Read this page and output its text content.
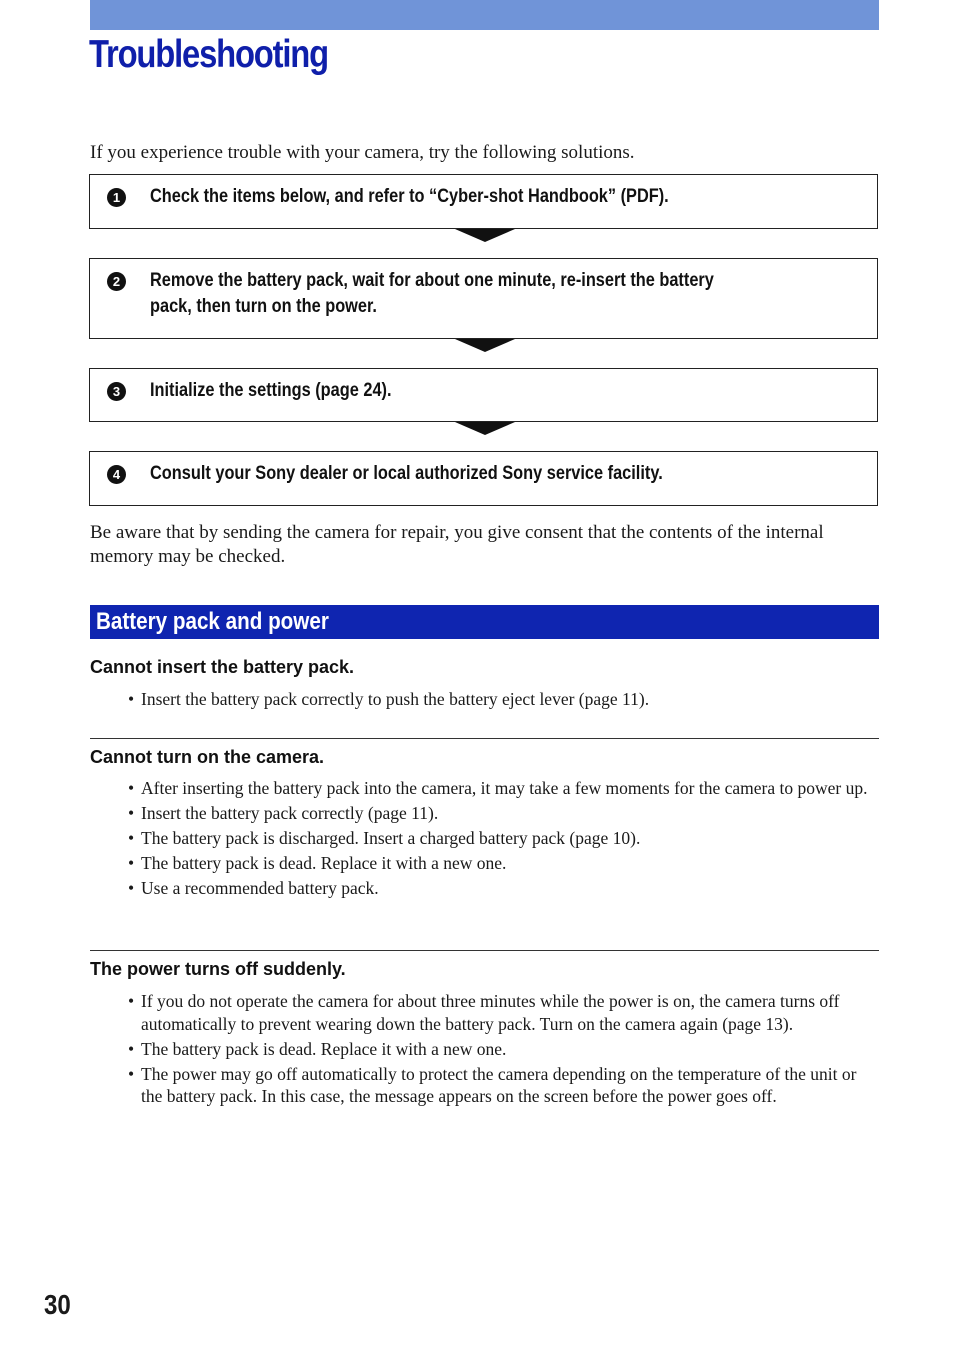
Troubleshooting
If you experience trouble with your camera, try the following solutions.
1	Check the items below, and refer to “Cyber-shot Handbook” (PDF).
2	Remove the battery pack, wait for about one minute, re-insert the battery
pack, then turn on the power.
3	Initialize the settings (page 24).
4	Consult your Sony dealer or local authorized Sony service facility.
Be aware that by sending the camera for repair, you give consent that the contents of the internal memory may be checked.
Battery pack and power
Cannot insert the battery pack.
• Insert the battery pack correctly to push the battery eject lever (page 11).
Cannot turn on the camera.
• After inserting the battery pack into the camera, it may take a few moments for the camera to power up.
• Insert the battery pack correctly (page 11).
• The battery pack is discharged. Insert a charged battery pack (page 10).
• The battery pack is dead. Replace it with a new one.
• Use a recommended battery pack.
The power turns off suddenly.
• If you do not operate the camera for about three minutes while the power is on, the camera turns off automatically to prevent wearing down the battery pack. Turn on the camera again (page 13).
• The battery pack is dead. Replace it with a new one.
• The power may go off automatically to protect the camera depending on the temperature of the unit or the battery pack. In this case, the message appears on the screen before the power goes off.
30
